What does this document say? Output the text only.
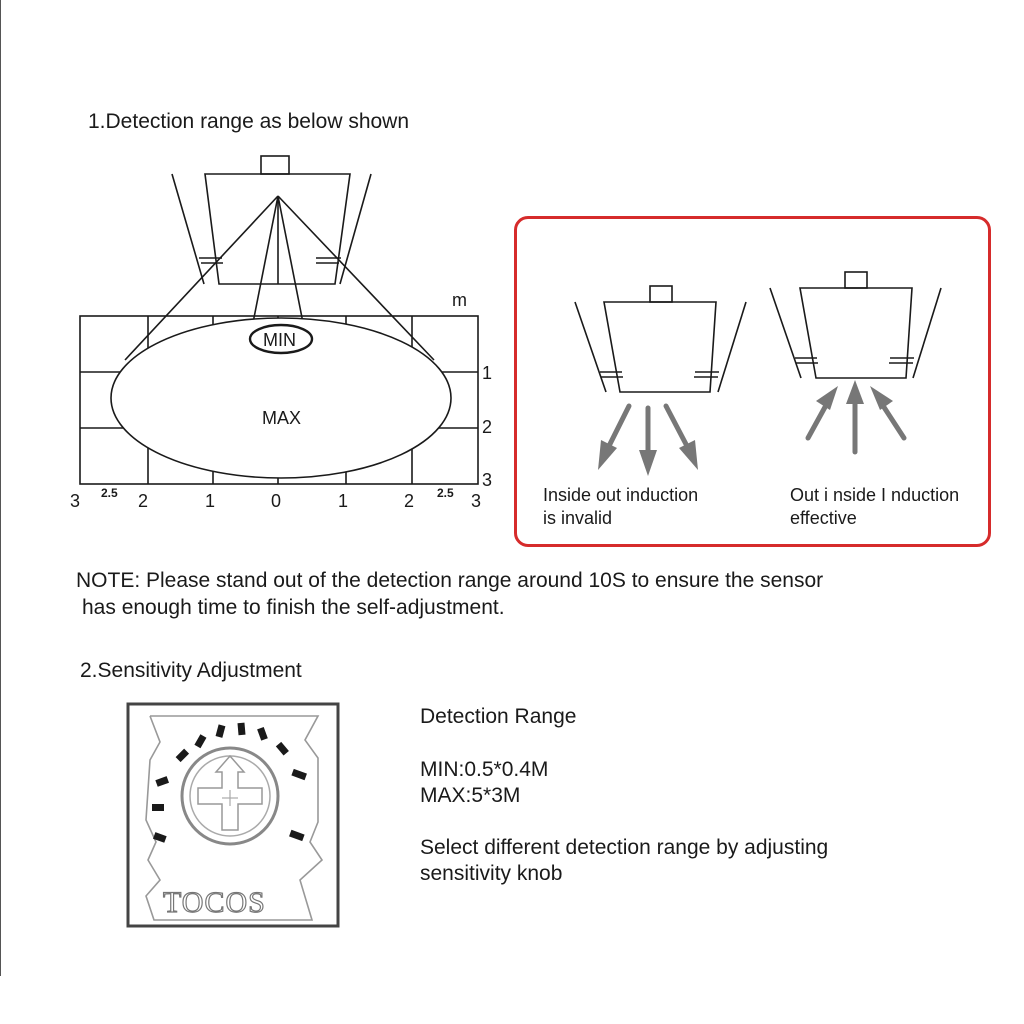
1.Detection range as below shown
MIN
MAX
m
1
2
3
3 2.5 2	1	0	1	2 2.5 3	Inside out induction
is invalid
Out i nside I nduction
effective
NOTE: Please stand out of the detection range around 10S to ensure the sensor
has enough time to finish the self-adjustment.
2.Sensitivity Adjustment
TOCOS
Detection Range
MIN:0.5*0.4M
MAX:5*3M
Select different detection range by adjusting
sensitivity knob
